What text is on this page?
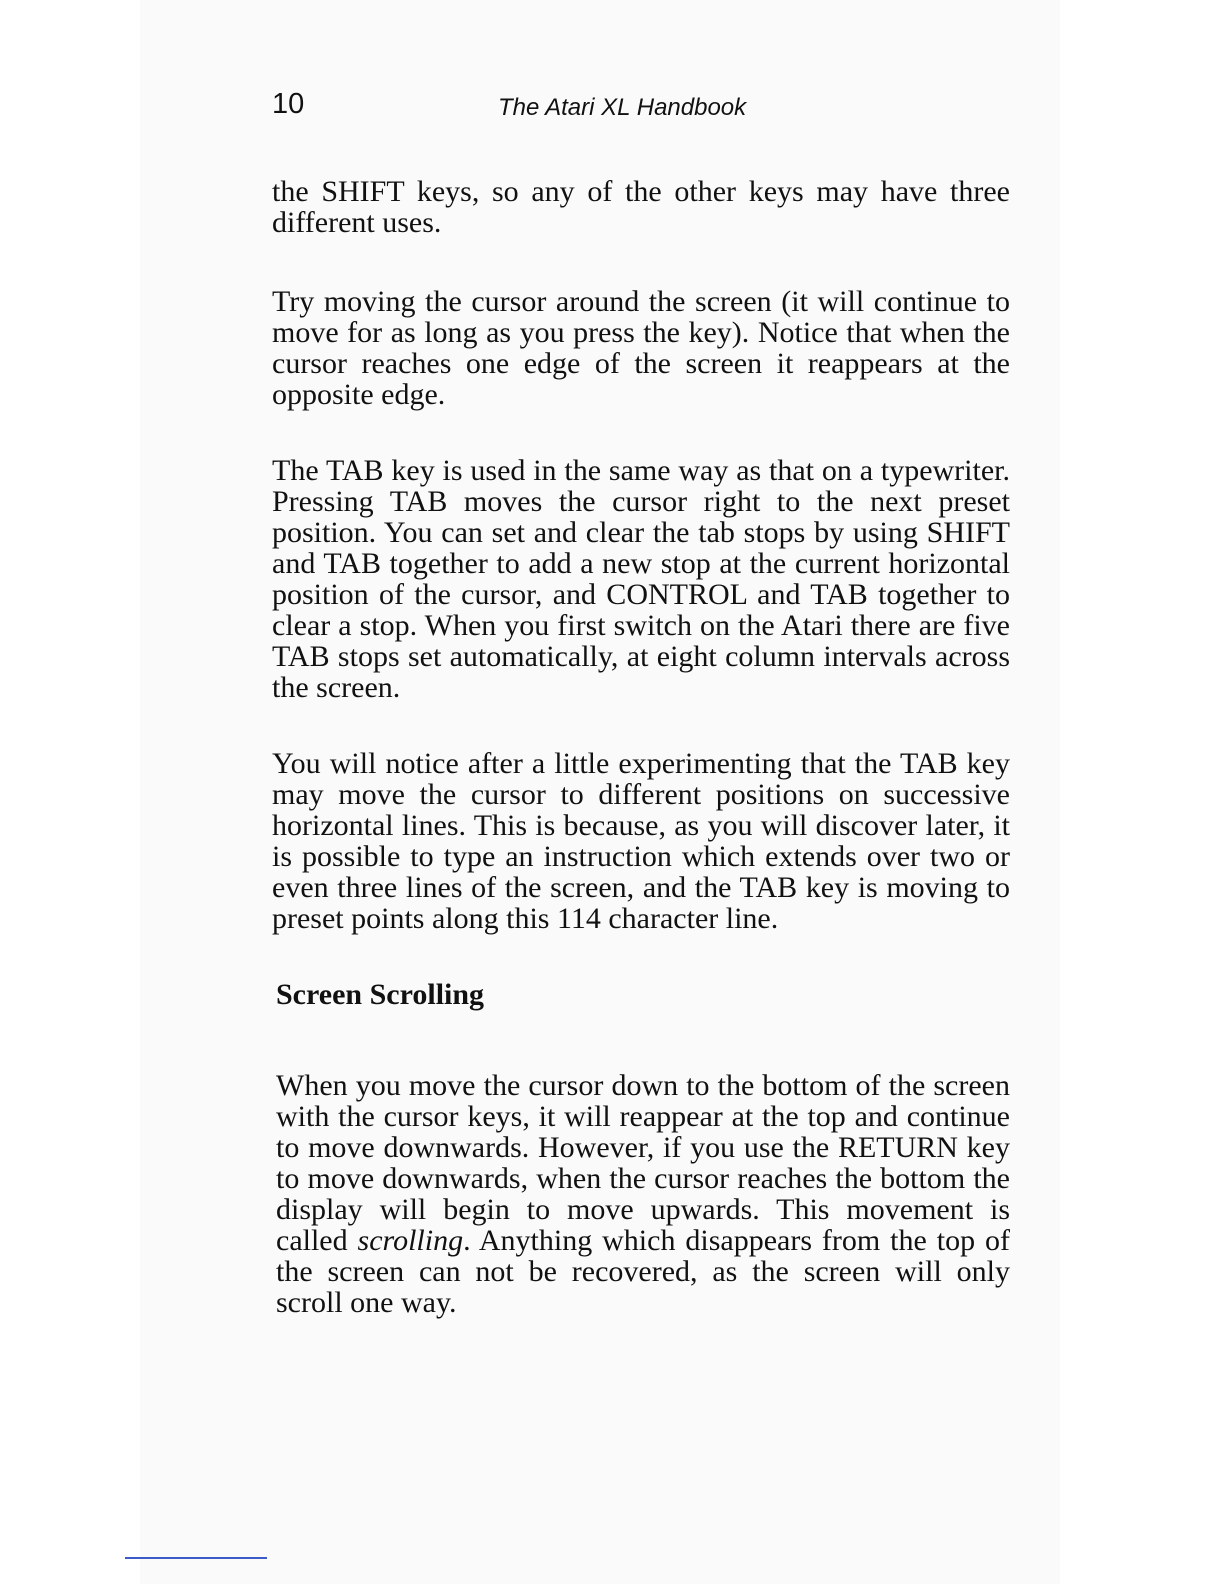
10	The Atari XL Handbook

the SHIFT keys, so any of the other keys may have three different uses.

Try moving the cursor around the screen (it will continue to move for as long as you press the key). Notice that when the cursor reaches one edge of the screen it reappears at the opposite edge.

The TAB key is used in the same way as that on a typewriter. Pressing TAB moves the cursor right to the next preset position. You can set and clear the tab stops by using SHIFT and TAB together to add a new stop at the current horizontal position of the cursor, and CONTROL and TAB together to clear a stop. When you first switch on the Atari there are five TAB stops set automatically, at eight column intervals across the screen.

You will notice after a little experimenting that the TAB key may move the cursor to different positions on successive horizontal lines. This is because, as you will discover later, it is possible to type an instruction which extends over two or even three lines of the screen, and the TAB key is moving to preset points along this 114 character line.

Screen Scrolling

When you move the cursor down to the bottom of the screen with the cursor keys, it will reappear at the top and continue to move downwards. However, if you use the RETURN key to move downwards, when the cursor reaches the bottom the display will begin to move upwards. This movement is called scrolling. Anything which disappears from the top of the screen can not be recovered, as the screen will only scroll one way.
